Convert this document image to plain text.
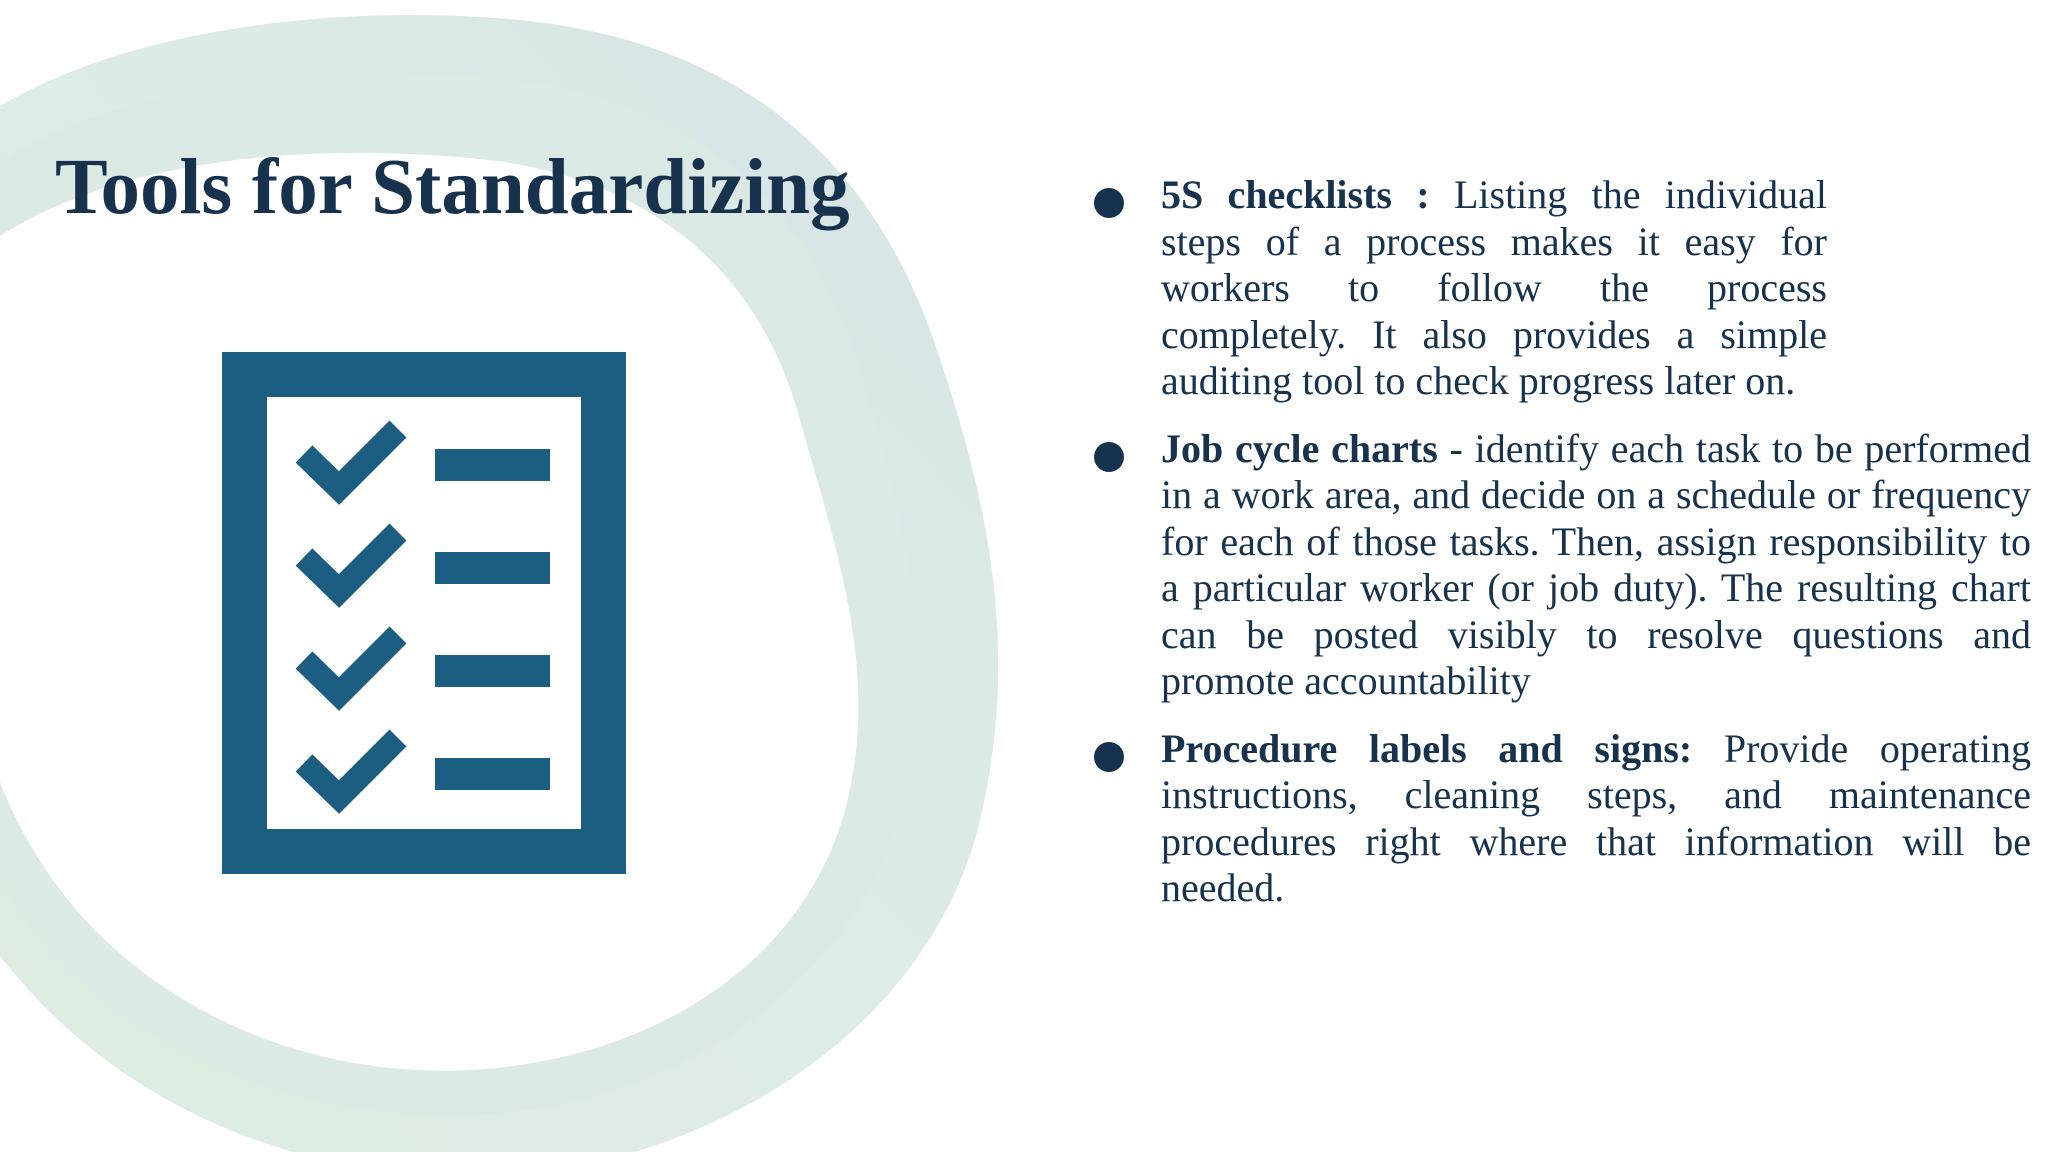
Tools for Standardizing	5S checklists : Listing the individual steps of a process makes it easy for workers to follow the process completely. It also provides a simple auditing tool to check progress later on.
Job cycle charts - identify each task to be performed in a work area, and decide on a schedule or frequency for each of those tasks. Then, assign responsibility to a particular worker (or job duty). The resulting chart can be posted visibly to resolve questions and promote accountability
Procedure labels and signs: Provide operating instructions, cleaning steps, and maintenance procedures right where that information will be needed.
